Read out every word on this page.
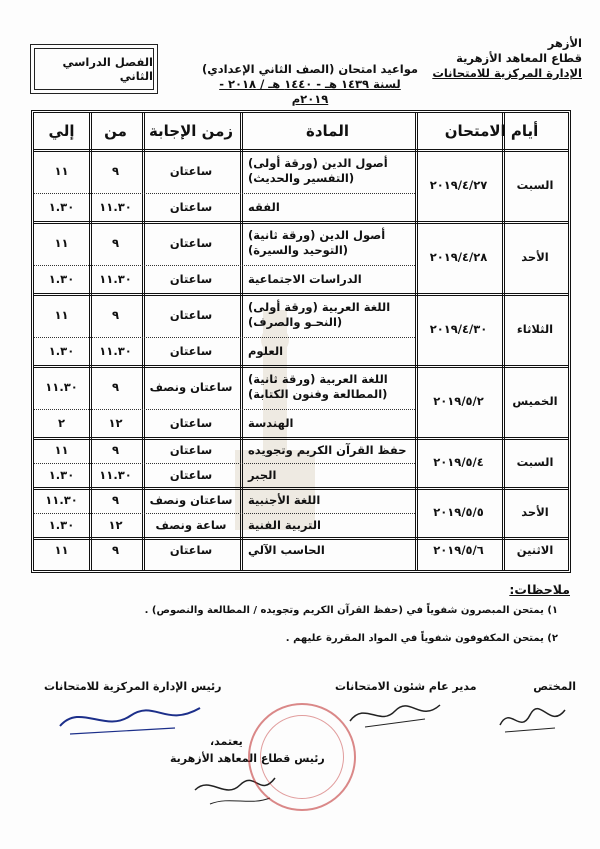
الأزهر
قطاع المعاهد الأزهرية
الإدارة المركزية للامتحانات
مواعيد امتحان (الصف الثاني الإعدادي)
لسنة ١٤٣٩ هـ - ١٤٤٠ هـ / ٢٠١٨ - ٢٠١٩م
الفصل الدراسي الثاني
أيام الامتحان
المادة
زمن الإجابة
من
إلي
السبت
٢٠١٩/٤/٢٧
أصول الدين (ورقة أولى)
(التفسير والحديث)
ساعتان
٩
١١
الفقه
ساعتان
١١.٣٠
١.٣٠
الأحد
٢٠١٩/٤/٢٨
أصول الدين (ورقة ثانية)
(التوحيد والسيرة)
ساعتان
٩
١١
الدراسات الاجتماعية
ساعتان
١١.٣٠
١.٣٠
الثلاثاء
٢٠١٩/٤/٣٠
اللغة العربية (ورقة أولى)
(النحـو والصرف)
ساعتان
٩
١١
العلوم
ساعتان
١١.٣٠
١.٣٠
الخميس
٢٠١٩/٥/٢
اللغة العربية (ورقة ثانية)
(المطالعة وفنون الكتابة)
ساعتان ونصف
٩
١١.٣٠
الهندسة
ساعتان
١٢
٢
السبت
٢٠١٩/٥/٤
حفظ القرآن الكريم وتجويده
ساعتان
٩
١١
الجبر
ساعتان
١١.٣٠
١.٣٠
الأحد
٢٠١٩/٥/٥
اللغة الأجنبية
ساعتان ونصف
٩
١١.٣٠
التربية الفنية
ساعة ونصف
١٢
١.٣٠
الاثنين
٢٠١٩/٥/٦
الحاسب الآلي
ساعتان
٩
١١
ملاحظات:
١) يمتحن المبصرون شفوياً في (حفظ القرآن الكريم وتجويده / المطالعة والنصوص) .
٢) يمتحن المكفوفون شفوياً في المواد المقررة عليهم .
المختص
مدير عام شئون الامتحانات
رئيس الإدارة المركزية للامتحانات
يعتمد،
رئيس قطاع المعاهد الأزهرية
